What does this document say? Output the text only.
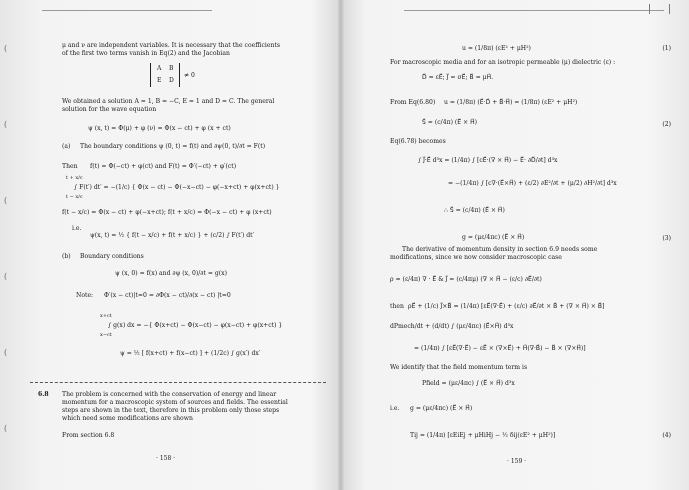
(
(
(
(
(
(
μ and ν are independent variables. It is necessary that the coefficients
of the first two terms vanish in Eq(2) and the Jacobian
A B
E D
≠ 0
We obtained a solution A = 1, B = −C, E = 1 and D = C. The general
solution for the wave equation
ψ (x, t) = Φ(μ) + φ (ν) = Φ(x − ct) + φ (x + ct)
(a) The boundary conditions ψ (0, t) = f(t) and ∂ψ(0, t)/∂t = F(t)
Then f(t) = Φ(−ct) + φ(ct) and F(t) = Φ′(−ct) + φ′(ct)
t + x/c
∫ F(t′) dt′ = −(1/c) { Φ(x − ct) − Φ(−x−ct) − φ(−x+ct) + φ(x+ct) }
t − x/c
f(t − x/c) = Φ(x − ct) + φ(−x+ct); f(t + x/c) = Φ(−x − ct) + φ (x+ct)
i.e.
ψ(x, t) = ½ { f(t − x/c) + f(t + x/c) } + (c/2) ∫ F(t′) dt′
(b) Boundary conditions
ψ (x, 0) = f(x) and ∂ψ (x, 0)/∂t = g(x)
Note: Φ′(x − ct)|t=0 = ∂Φ(x − ct)/∂(x − ct) |t=0
x+ct
∫ g(x) dx = −{ Φ(x+ct) − Φ(x−ct) − φ(x−ct) + φ(x+ct) }
x−ct
ψ = ½ [ f(x+ct) + f(x−ct) ] + (1/2c) ∫ g(x′) dx′
6.8 The problem is concerned with the conservation of energy and linear
momentum for a macroscopic system of sources and fields. The essential
steps are shown in the text, therefore in this problem only those steps
which need some modifications are shown
From section 6.8
· 158 ·
u = (1/8π) (εE² + μH²)	(1)
For macroscopic media and for an isotropic permeable (μ) dielectric (ε) :
D⃗ = εE⃗; J⃗ = σE⃗; B⃗ = μH⃗.
From Eq(6.80) u = (1/8π) (E⃗·D⃗ + B⃗·H⃗) = (1/8π) (εE² + μH²)
S⃗ = (c/4π) (E⃗ × H⃗)	(2)
Eq(6.78) becomes
∫ J⃗·E⃗ d³x = (1/4π) ∫ [cE⃗·(∇ × H⃗) − E⃗· ∂D⃗/∂t] d³x
= −(1/4π) ∫ [c∇·(E⃗×H⃗) + (ε/2) ∂E²/∂t + (μ/2) ∂H²/∂t] d³x
∴ S⃗ = (c/4π) (E⃗ × H⃗)
g = (με/4πc) (E⃗ × H⃗)	(3)
The derivative of momentum density in section 6.9 needs some
modifications, since we now consider macroscopic case
ρ = (ε/4π) ∇ · E⃗ & J⃗ = (c/4πμ) (∇ × H⃗ − (ε/c) ∂E⃗/∂t)
then ρE⃗ + (1/c) J⃗×B⃗ = (1/4π) [εE⃗(∇·E⃗) + (ε/c) ∂E⃗/∂t × B⃗ + (∇ × H⃗) × B⃗]
dPmech/dt + (d/dt) ∫ (με/4πc) (E⃗×H⃗) d³x
= (1/4π) ∫ [εE⃗(∇·E⃗) − εE⃗ × (∇×E⃗) + H⃗(∇·B⃗) − B⃗ × (∇×H⃗)]
We identify that the field momentum term is
Pfield = (με/4πc) ∫ (E⃗ × H⃗) d³x
i.e. g = (με/4πc) (E⃗ × H⃗)
Tij = (1/4π) [εEiEj + μHiHj − ½ δij(εE² + μH²)]	(4)
· 159 ·
